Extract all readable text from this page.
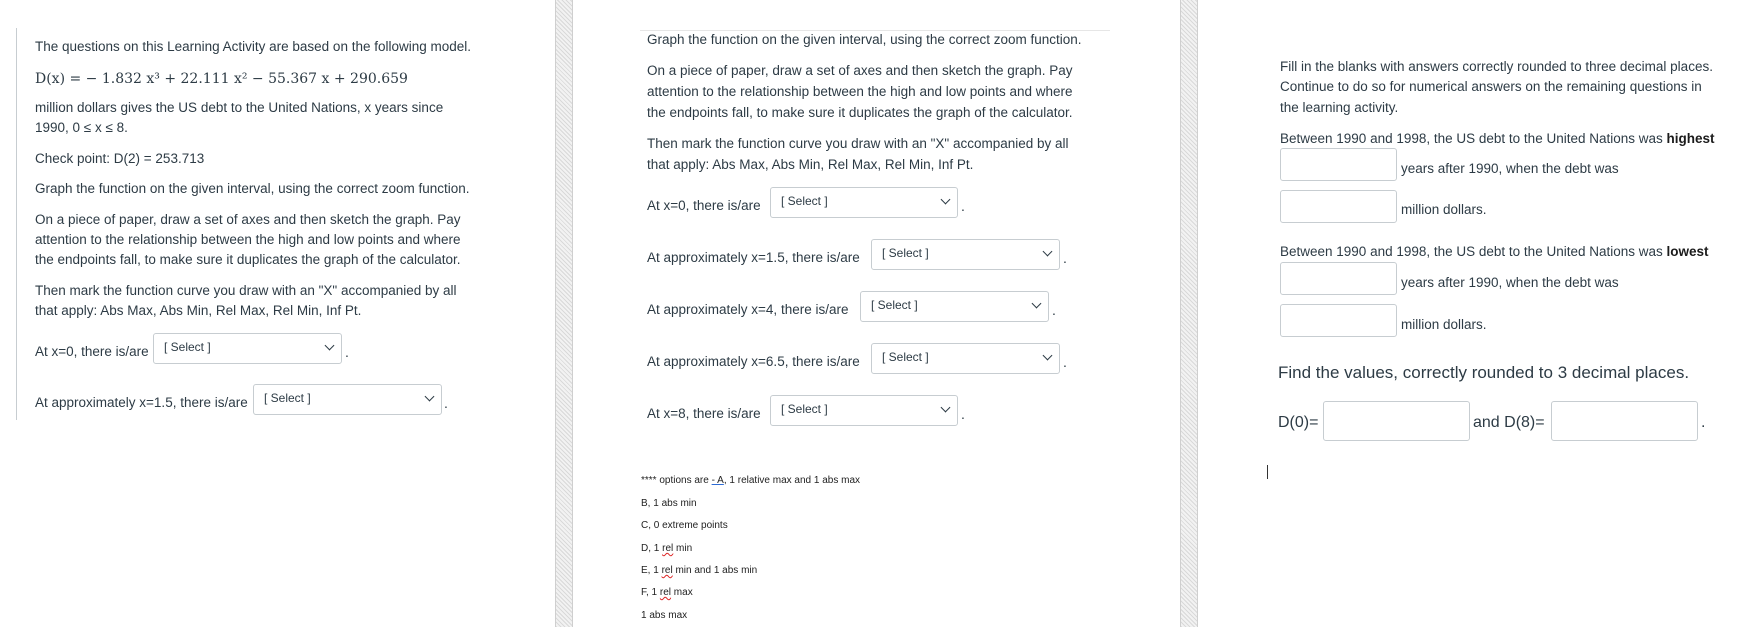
The questions on this Learning Activity are based on the following model.
D(x) = − 1.832 x³ + 22.111 x² − 55.367 x + 290.659
million dollars gives the US debt to the United Nations, x years since
1990, 0 ≤ x ≤ 8.
Check point: D(2) = 253.713
Graph the function on the given interval, using the correct zoom function.
On a piece of paper, draw a set of axes and then sketch the graph. Pay
attention to the relationship between the high and low points and where
the endpoints fall, to make sure it duplicates the graph of the calculator.
Then mark the function curve you draw with an "X" accompanied by all
that apply: Abs Max, Abs Min, Rel Max, Rel Min, Inf Pt.
At x=0, there is/are	[ Select ]	.
At approximately x=1.5, there is/are	[ Select ]	.
Graph the function on the given interval, using the correct zoom function.
On a piece of paper, draw a set of axes and then sketch the graph. Pay
attention to the relationship between the high and low points and where
the endpoints fall, to make sure it duplicates the graph of the calculator.
Then mark the function curve you draw with an "X" accompanied by all
that apply: Abs Max, Abs Min, Rel Max, Rel Min, Inf Pt.
At x=0, there is/are	[ Select ]	.
At approximately x=1.5, there is/are	[ Select ]	.
At approximately x=4, there is/are	[ Select ]	.
At approximately x=6.5, there is/are	[ Select ]	.
At x=8, there is/are	[ Select ]	.
**** options are - A, 1 relative max and 1 abs max
B, 1 abs min
C, 0 extreme points
D, 1 rel min
E, 1 rel min and 1 abs min
F, 1 rel max
1 abs max
Fill in the blanks with answers correctly rounded to three decimal places.
Continue to do so for numerical answers on the remaining questions in
the learning activity.
Between 1990 and 1998, the US debt to the United Nations was highest
years after 1990, when the debt was
million dollars.
Between 1990 and 1998, the US debt to the United Nations was lowest
years after 1990, when the debt was
million dollars.
Find the values, correctly rounded to 3 decimal places.
D(0)=	and D(8)=	.
